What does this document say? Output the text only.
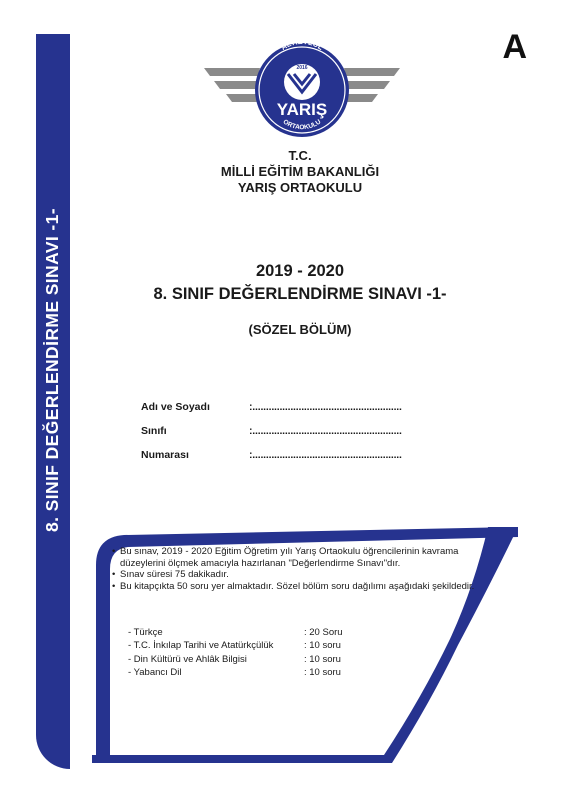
8. SINIF DEĞERLENDİRME SINAVI -1-
A
ALTIEYLÜL
2016
YARIŞ
ORTAOKULU
T.C.
MİLLİ EĞİTİM BAKANLIĞI
YARIŞ ORTAOKULU
2019 - 2020
8. SINIF DEĞERLENDİRME SINAVI -1-
(SÖZEL BÖLÜM)
Adı ve Soyadı	:.......................................................
Sınıfı	:.......................................................
Numarası	:.......................................................
• Bu sınav, 2019 - 2020 Eğitim Öğretim yılı Yarış Ortaokulu öğrencilerinin kavrama düzeylerini ölçmek amacıyla hazırlanan "Değerlendirme Sınavı"dır.
• Sınav süresi 75 dakikadır.
• Bu kitapçıkta 50 soru yer almaktadır. Sözel bölüm soru dağılımı aşağıdaki şekildedir.
- Türkçe	: 20 Soru
- T.C. İnkılap Tarihi ve Atatürkçülük	: 10 soru
- Din Kültürü ve Ahlâk Bilgisi	: 10 soru
- Yabancı Dil	: 10 soru
